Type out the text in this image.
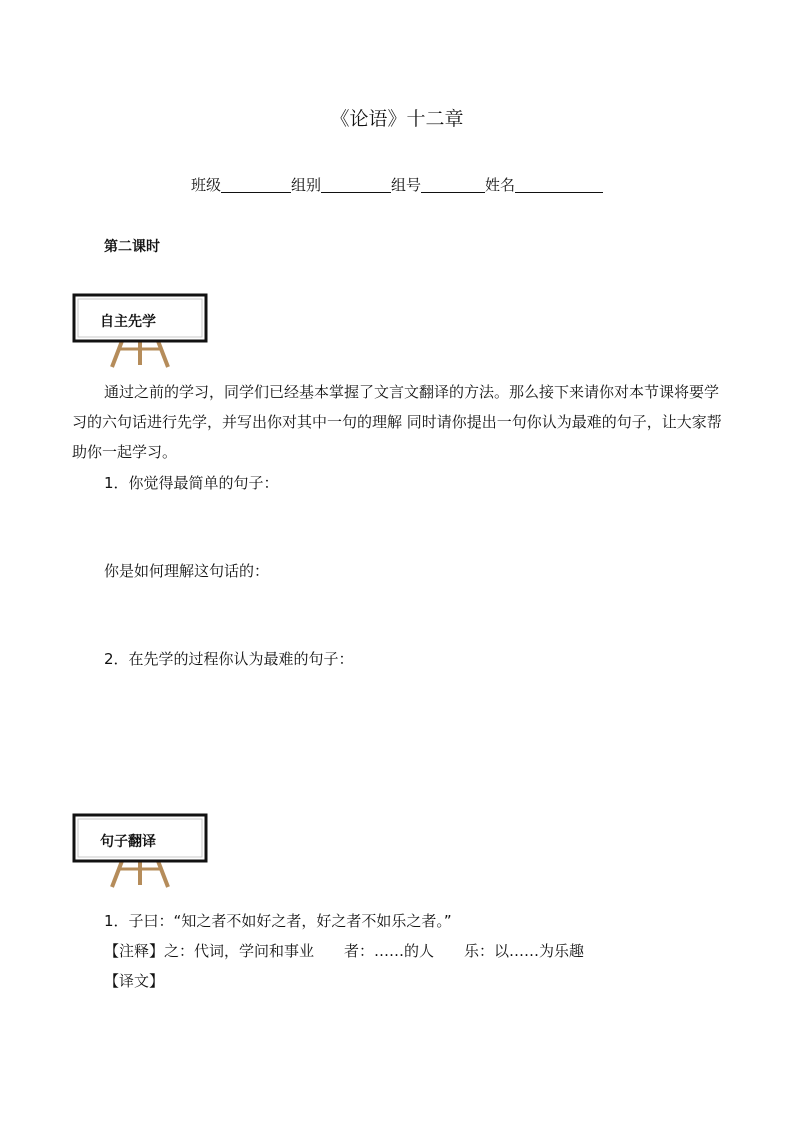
《论语》十二章
班级	组别	组号	姓名
第二课时
自主先学
通过之前的学习，同学们已经基本掌握了文言文翻译的方法。那么接下来请你对本节课将要学习的六句话进行先学，并写出你对其中一句的理解 同时请你提出一句你认为最难的句子，让大家帮助你一起学习。
1．你觉得最简单的句子：
你是如何理解这句话的：
2．在先学的过程你认为最难的句子：
句子翻译
1．子曰：“知之者不如好之者，好之者不如乐之者。”
【注释】之：代词，学问和事业 者：……的人 乐：以……为乐趣
【译文】
